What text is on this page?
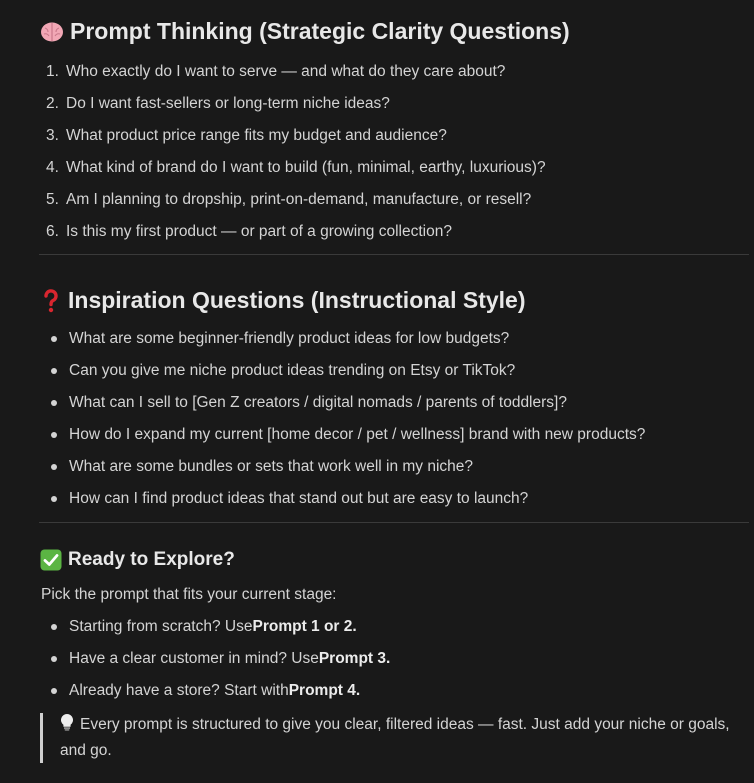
Prompt Thinking (Strategic Clarity Questions)
1. Who exactly do I want to serve — and what do they care about?
2. Do I want fast-sellers or long-term niche ideas?
3. What product price range fits my budget and audience?
4. What kind of brand do I want to build (fun, minimal, earthy, luxurious)?
5. Am I planning to dropship, print-on-demand, manufacture, or resell?
6. Is this my first product — or part of a growing collection?
Inspiration Questions (Instructional Style)
What are some beginner-friendly product ideas for low budgets?
Can you give me niche product ideas trending on Etsy or TikTok?
What can I sell to [Gen Z creators / digital nomads / parents of toddlers]?
How do I expand my current [home decor / pet / wellness] brand with new products?
What are some bundles or sets that work well in my niche?
How can I find product ideas that stand out but are easy to launch?
Ready to Explore?
Pick the prompt that fits your current stage:
Starting from scratch? Use Prompt 1 or 2.
Have a clear customer in mind? Use Prompt 3.
Already have a store? Start with Prompt 4.
Every prompt is structured to give you clear, filtered ideas — fast. Just add your niche or goals, and go.
